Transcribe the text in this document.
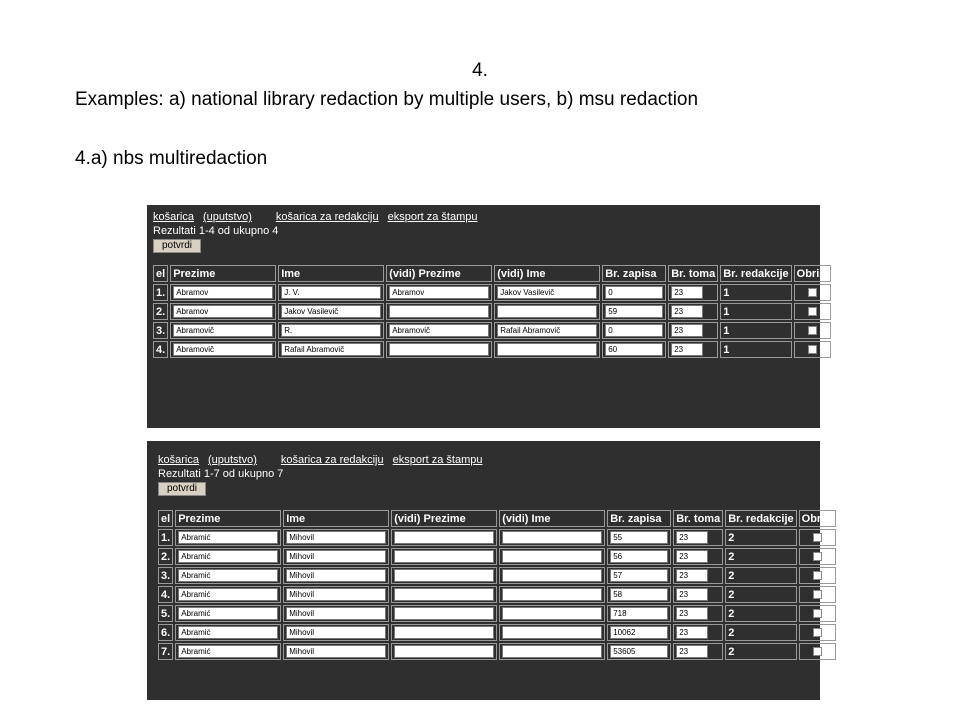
4.
Examples: a) national library redaction by multiple users, b) msu redaction
4.a) nbs multiredaction
košarica (uputstvo) košarica za redakciju eksport za štampu
Rezultati 1-4 od ukupno 4
potvrdi
el	Prezime	Ime	(vidi) Prezime	(vidi) Ime	Br. zapisa	Br. toma	Br. redakcije	Obriši
1.	Abramov	J. V.	Abramov	Jakov Vasilevič	0	23	1	

2.	Abramov	Jakov Vasilevič			59	23	1	

3.	Abramovič	R.	Abramovič	Rafail Abramovič	0	23	1	

4.	Abramovič	Rafail Abramovič			60	23	1	
košarica (uputstvo) košarica za redakciju eksport za štampu
Rezultati 1-7 od ukupno 7
potvrdi
el	Prezime	Ime	(vidi) Prezime	(vidi) Ime	Br. zapisa	Br. toma	Br. redakcije	Obriši
1.	Abramić	Mihovil			55	23	2	

2.	Abramić	Mihovil			56	23	2	

3.	Abramić	Mihovil			57	23	2	

4.	Abramić	Mihovil			58	23	2	

5.	Abramić	Mihovil			718	23	2	

6.	Abramić	Mihovil			10062	23	2	

7.	Abramić	Mihovil			53605	23	2	
